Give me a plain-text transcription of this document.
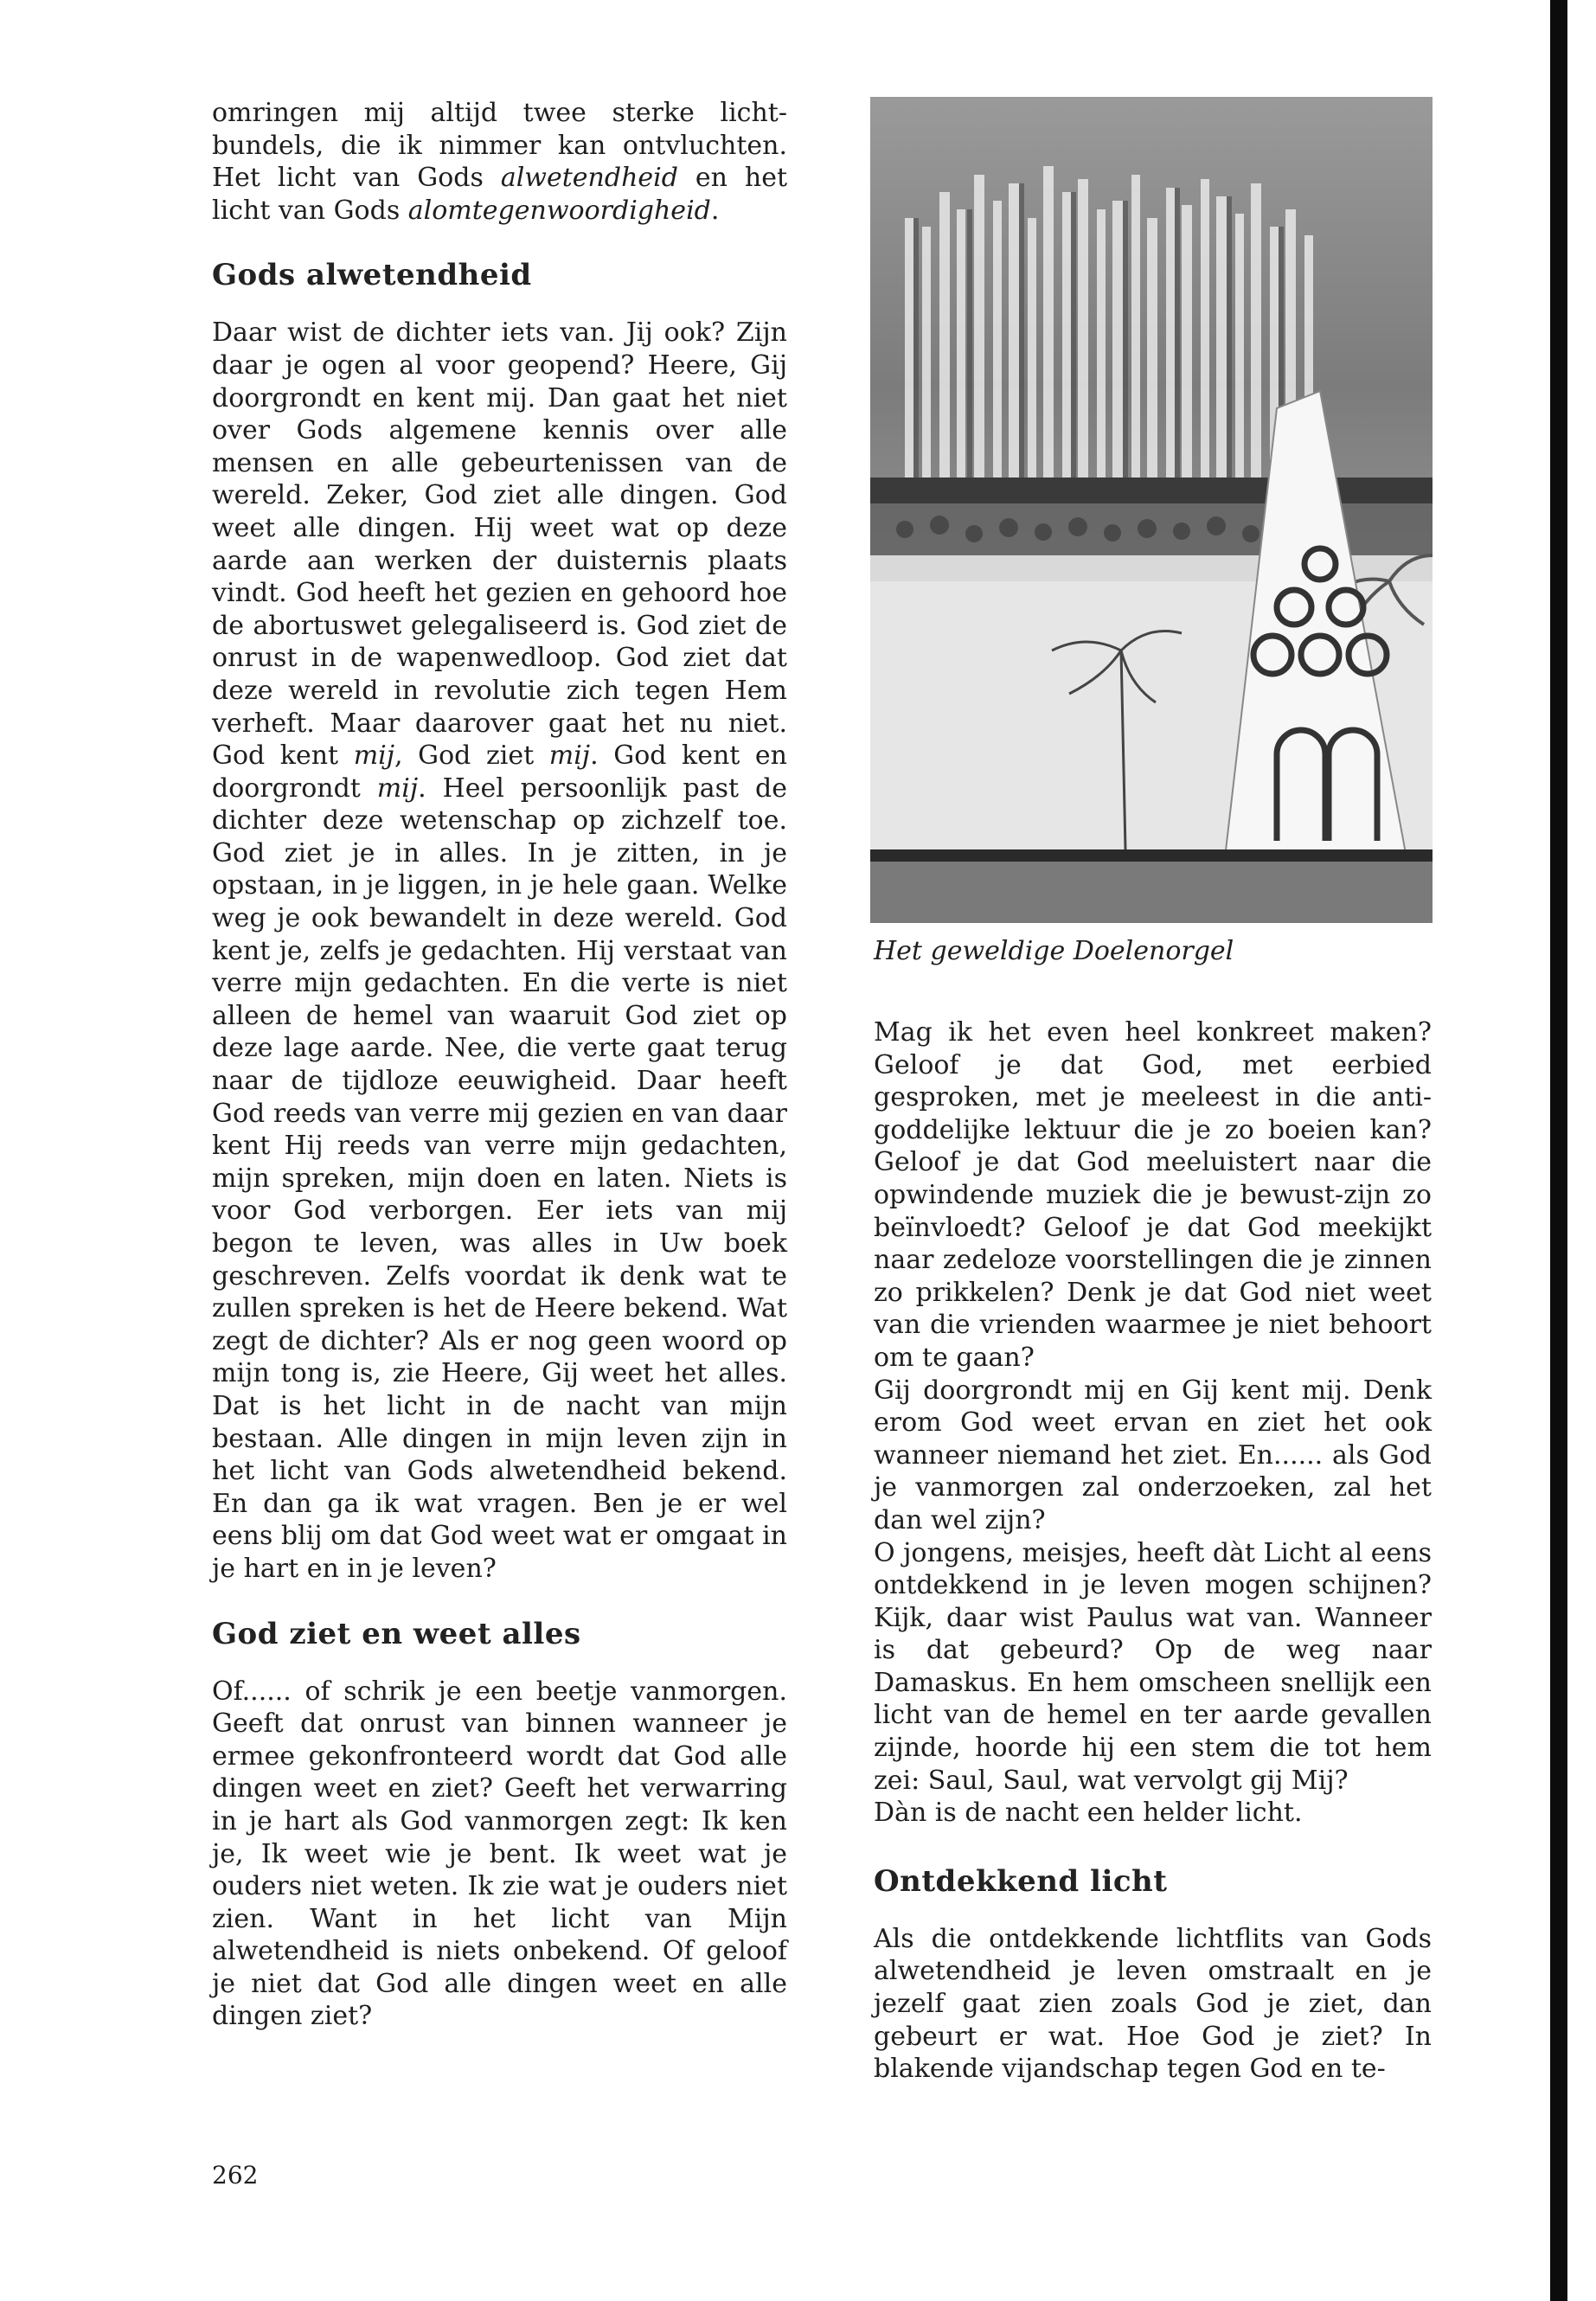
omringen mij altijd twee sterke licht-bundels, die ik nimmer kan ontvluchten. Het licht van Gods alwetendheid en het licht van Gods alomtegenwoordigheid.

Gods alwetendheid

Daar wist de dichter iets van. Jij ook? Zijn daar je ogen al voor geopend? Heere, Gij doorgrondt en kent mij. Dan gaat het niet over Gods algemene kennis over alle mensen en alle gebeurtenissen van de wereld. Zeker, God ziet alle dingen. God weet alle dingen. Hij weet wat op deze aarde aan werken der duisternis plaats vindt. God heeft het gezien en gehoord hoe de abortuswet gelegaliseerd is. God ziet de onrust in de wapenwedloop. God ziet dat deze wereld in revolutie zich tegen Hem verheft. Maar daarover gaat het nu niet. God kent mij, God ziet mij. God kent en doorgrondt mij. Heel persoonlijk past de dichter deze wetenschap op zichzelf toe. God ziet je in alles. In je zitten, in je opstaan, in je liggen, in je hele gaan. Welke weg je ook bewandelt in deze wereld. God kent je, zelfs je gedachten. Hij verstaat van verre mijn gedachten. En die verte is niet alleen de hemel van waaruit God ziet op deze lage aarde. Nee, die verte gaat terug naar de tijdloze eeuwigheid. Daar heeft God reeds van verre mij gezien en van daar kent Hij reeds van verre mijn gedachten, mijn spreken, mijn doen en laten. Niets is voor God verborgen. Eer iets van mij begon te leven, was alles in Uw boek geschreven. Zelfs voordat ik denk wat te zullen spreken is het de Heere bekend. Wat zegt de dichter? Als er nog geen woord op mijn tong is, zie Heere, Gij weet het alles. Dat is het licht in de nacht van mijn bestaan. Alle dingen in mijn leven zijn in het licht van Gods alwetendheid bekend. En dan ga ik wat vragen. Ben je er wel eens blij om dat God weet wat er omgaat in je hart en in je leven?

God ziet en weet alles

Of...... of schrik je een beetje vanmorgen. Geeft dat onrust van binnen wanneer je ermee gekonfronteerd wordt dat God alle dingen weet en ziet? Geeft het verwarring in je hart als God vanmorgen zegt: Ik ken je, Ik weet wie je bent. Ik weet wat je ouders niet weten. Ik zie wat je ouders niet zien. Want in het licht van Mijn alwetendheid is niets onbekend. Of geloof je niet dat God alle dingen weet en alle dingen ziet?

Het geweldige Doelenorgel

Mag ik het even heel konkreet maken? Geloof je dat God, met eerbied gesproken, met je meeleest in die anti-goddelijke lektuur die je zo boeien kan? Geloof je dat God meeluistert naar die opwindende muziek die je bewust-zijn zo beïnvloedt? Geloof je dat God meekijkt naar zedeloze voorstellingen die je zinnen zo prikkelen? Denk je dat God niet weet van die vrienden waarmee je niet behoort om te gaan?

Gij doorgrondt mij en Gij kent mij. Denk erom God weet ervan en ziet het ook wanneer niemand het ziet. En...... als God je vanmorgen zal onderzoeken, zal het dan wel zijn?

O jongens, meisjes, heeft dàt Licht al eens ontdekkend in je leven mogen schijnen? Kijk, daar wist Paulus wat van. Wanneer is dat gebeurd? Op de weg naar Damaskus. En hem omscheen snellijk een licht van de hemel en ter aarde gevallen zijnde, hoorde hij een stem die tot hem zei: Saul, Saul, wat vervolgt gij Mij?

Dàn is de nacht een helder licht.

Ontdekkend licht

Als die ontdekkende lichtflits van Gods alwetendheid je leven omstraalt en je jezelf gaat zien zoals God je ziet, dan gebeurt er wat. Hoe God je ziet? In blakende vijandschap tegen God en te-

262
